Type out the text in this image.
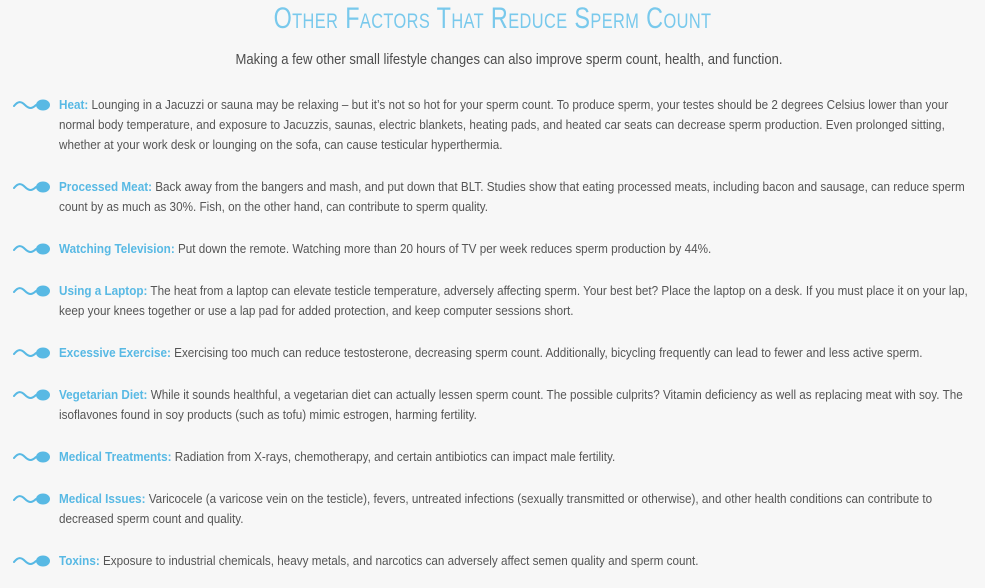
Other Factors That Reduce Sperm Count
Making a few other small lifestyle changes can also improve sperm count, health, and function.
Heat: Lounging in a Jacuzzi or sauna may be relaxing – but it’s not so hot for your sperm count. To produce sperm, your testes should be 2 degrees Celsius lower than your normal body temperature, and exposure to Jacuzzis, saunas, electric blankets, heating pads, and heated car seats can decrease sperm production. Even prolonged sitting, whether at your work desk or lounging on the sofa, can cause testicular hyperthermia.
Processed Meat: Back away from the bangers and mash, and put down that BLT. Studies show that eating processed meats, including bacon and sausage, can reduce sperm count by as much as 30%. Fish, on the other hand, can contribute to sperm quality.
Watching Television: Put down the remote. Watching more than 20 hours of TV per week reduces sperm production by 44%.
Using a Laptop: The heat from a laptop can elevate testicle temperature, adversely affecting sperm. Your best bet? Place the laptop on a desk. If you must place it on your lap, keep your knees together or use a lap pad for added protection, and keep computer sessions short.
Excessive Exercise: Exercising too much can reduce testosterone, decreasing sperm count. Additionally, bicycling frequently can lead to fewer and less active sperm.
Vegetarian Diet: While it sounds healthful, a vegetarian diet can actually lessen sperm count. The possible culprits? Vitamin deficiency as well as replacing meat with soy. The isoflavones found in soy products (such as tofu) mimic estrogen, harming fertility.
Medical Treatments: Radiation from X-rays, chemotherapy, and certain antibiotics can impact male fertility.
Medical Issues: Varicocele (a varicose vein on the testicle), fevers, untreated infections (sexually transmitted or otherwise), and other health conditions can contribute to decreased sperm count and quality.
Toxins: Exposure to industrial chemicals, heavy metals, and narcotics can adversely affect semen quality and sperm count.
